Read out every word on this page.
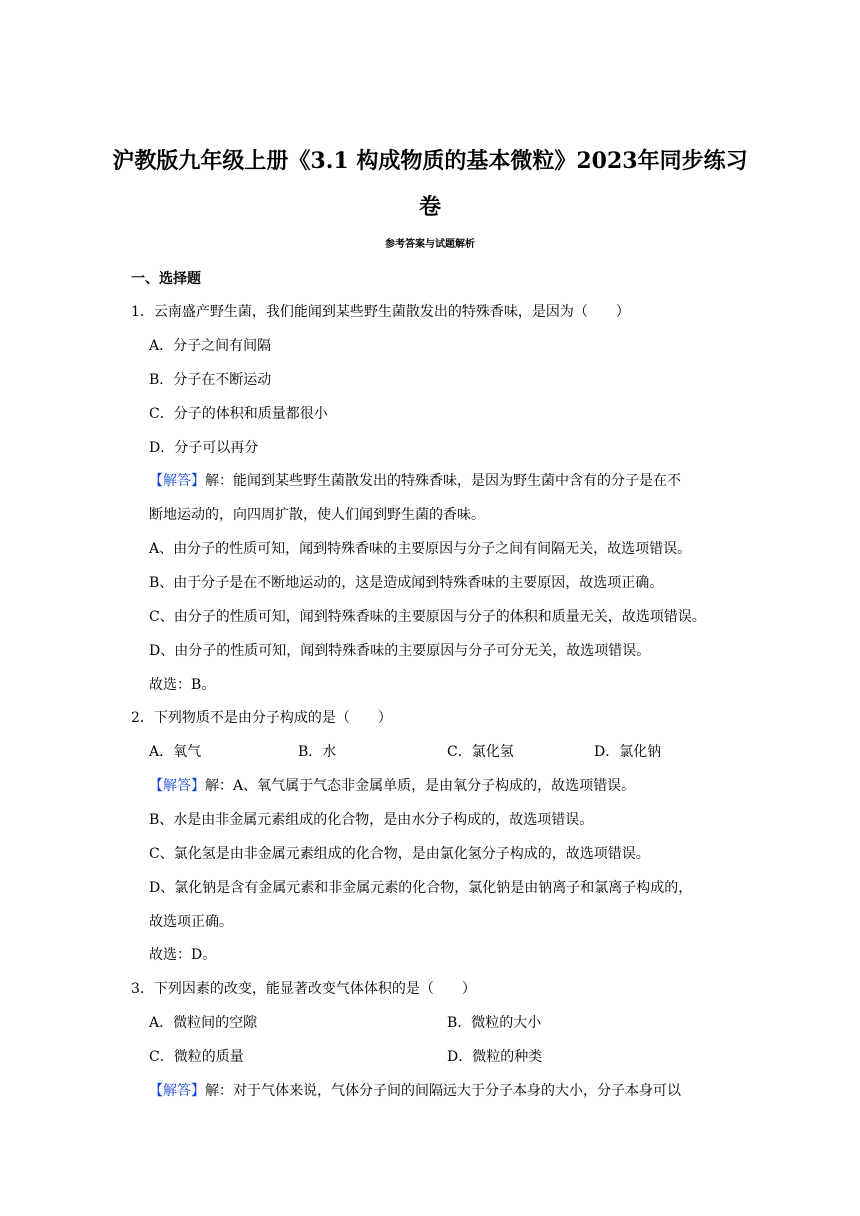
沪教版九年级上册《3.1 构成物质的基本微粒》2023年同步练习
卷
参考答案与试题解析
一、选择题
1．云南盛产野生菌，我们能闻到某些野生菌散发出的特殊香味，是因为（　　）
A．分子之间有间隔
B．分子在不断运动
C．分子的体积和质量都很小
D．分子可以再分
【解答】解：能闻到某些野生菌散发出的特殊香味，是因为野生菌中含有的分子是在不
断地运动的，向四周扩散，使人们闻到野生菌的香味。
A、由分子的性质可知，闻到特殊香味的主要原因与分子之间有间隔无关，故选项错误。
B、由于分子是在不断地运动的，这是造成闻到特殊香味的主要原因，故选项正确。
C、由分子的性质可知，闻到特殊香味的主要原因与分子的体积和质量无关，故选项错误。
D、由分子的性质可知，闻到特殊香味的主要原因与分子可分无关，故选项错误。
故选：B。
2．下列物质不是由分子构成的是（　　）
A．氧气	B．水	C．氯化氢	D．氯化钠
【解答】解：A、氧气属于气态非金属单质，是由氧分子构成的，故选项错误。
B、水是由非金属元素组成的化合物，是由水分子构成的，故选项错误。
C、氯化氢是由非金属元素组成的化合物，是由氯化氢分子构成的，故选项错误。
D、氯化钠是含有金属元素和非金属元素的化合物，氯化钠是由钠离子和氯离子构成的，
故选项正确。
故选：D。
3．下列因素的改变，能显著改变气体体积的是（　　）
A．微粒间的空隙	B．微粒的大小
C．微粒的质量	D．微粒的种类
【解答】解：对于气体来说，气体分子间的间隔远大于分子本身的大小，分子本身可以
